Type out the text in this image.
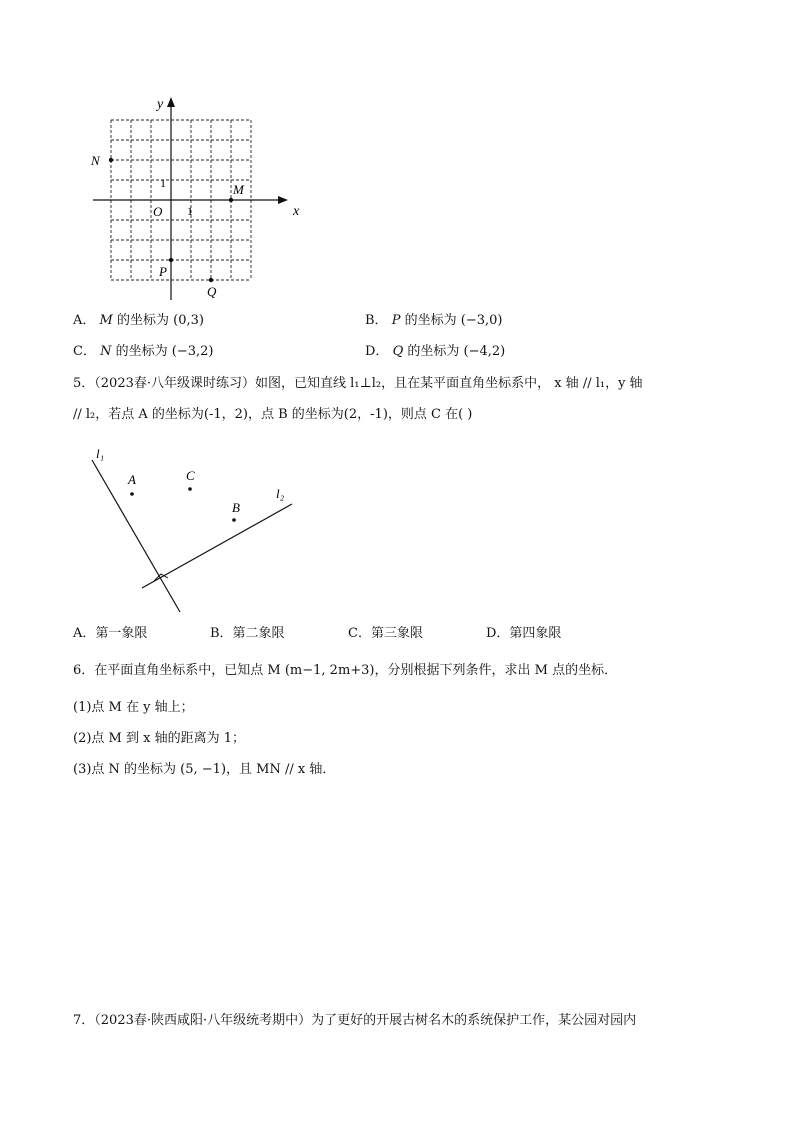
x
y
O 1
1
N
M
P
Q
A． M 的坐标为 (0,3)	B． P 的坐标为 (−3,0)
C． N 的坐标为 (−3,2)	D． Q 的坐标为 (−4,2)
5．（2023春·八年级课时练习）如图，已知直线 l₁⊥l₂，且在某平面直角坐标系中， x 轴 // l₁，y 轴
// l₂，若点 A 的坐标为(-1，2)，点 B 的坐标为(2，-1)，则点 C 在( )
l₁
l₂
A	C
B
A．第一象限	B．第二象限	C．第三象限	D．第四象限
6．在平面直角坐标系中，已知点 M (m−1, 2m+3)，分别根据下列条件，求出 M 点的坐标．
(1)点 M 在 y 轴上；
(2)点 M 到 x 轴的距离为 1；
(3)点 N 的坐标为 (5, −1)，且 MN // x 轴．
7．（2023春·陕西咸阳·八年级统考期中）为了更好的开展古树名木的系统保护工作，某公园对园内
